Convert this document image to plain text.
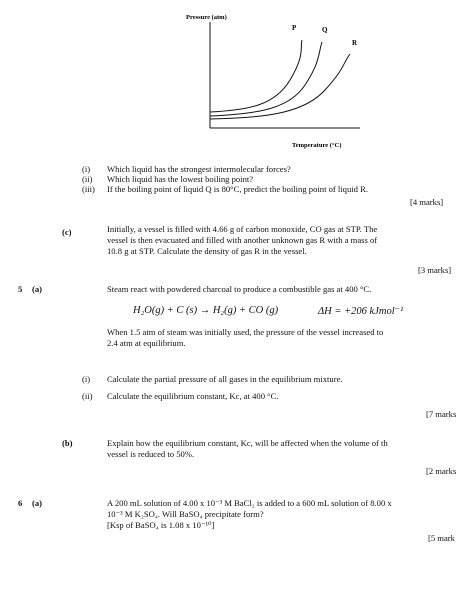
Pressure (atm)
P	Q
R
Temperature (°C)
(i) Which liquid has the strongest intermolecular forces?
(ii) Which liquid has the lowest boiling point?
(iii) If the boiling point of liquid Q is 80°C, predict the boiling point of liquid R.
[4 marks]
(c)	Initially, a vessel is filled with 4.66 g of carbon monoxide, CO gas at STP. The
vessel is then evacuated and filled with another unknown gas R with a mass of
10.8 g at STP. Calculate the density of gas R in the vessel.
[3 marks]
5 (a)	Steam react with powdered charcoal to produce a combustible gas at 400 °C.
H₂O(g) + C (s) → H₂(g) + CO (g)	ΔH = +206 kJmol⁻¹
When 1.5 atm of steam was initially used, the pressure of the vessel increased to
2.4 atm at equilibrium.
(i) Calculate the partial pressure of all gases in the equilibrium mixture.
(ii) Calculate the equilibrium constant, Kc, at 400 °C.
[7 marks
(b)	Explain how the equilibrium constant, Kc, will be affected when the volume of th
vessel is reduced to 50%.
[2 marks
6 (a)	A 200 mL solution of 4.00 x 10⁻³ M BaCl₂ is added to a 600 mL solution of 8.00 x
10⁻³ M K₂SO₄. Will BaSO₄ precipitate form?
[Ksp of BaSO₄ is 1.08 x 10⁻¹⁰]
[5 mark
